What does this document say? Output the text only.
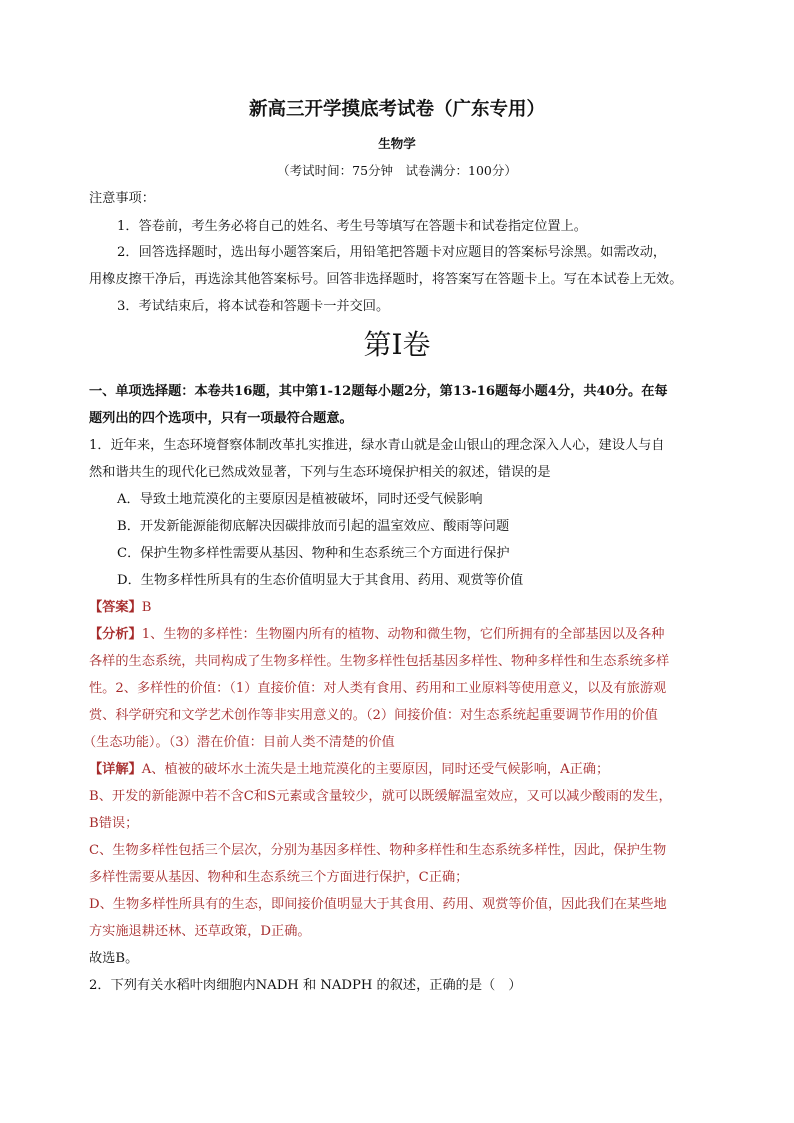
新高三开学摸底考试卷（广东专用）
生物学
（考试时间：75分钟　试卷满分：100分）
注意事项：
1．答卷前，考生务必将自己的姓名、考生号等填写在答题卡和试卷指定位置上。
2．回答选择题时，选出每小题答案后，用铅笔把答题卡对应题目的答案标号涂黑。如需改动，
用橡皮擦干净后，再选涂其他答案标号。回答非选择题时，将答案写在答题卡上。写在本试卷上无效。
3．考试结束后，将本试卷和答题卡一并交回。
第Ⅰ卷
一、单项选择题：本卷共16题，其中第1-12题每小题2分，第13-16题每小题4分，共40分。在每
题列出的四个选项中，只有一项最符合题意。
1．近年来，生态环境督察体制改革扎实推进，绿水青山就是金山银山的理念深入人心，建设人与自
然和谐共生的现代化已然成效显著，下列与生态环境保护相关的叙述，错误的是
A．导致土地荒漠化的主要原因是植被破坏，同时还受气候影响
B．开发新能源能彻底解决因碳排放而引起的温室效应、酸雨等问题
C．保护生物多样性需要从基因、物种和生态系统三个方面进行保护
D．生物多样性所具有的生态价值明显大于其食用、药用、观赏等价值
【答案】B
【分析】1、生物的多样性：生物圈内所有的植物、动物和微生物，它们所拥有的全部基因以及各种
各样的生态系统，共同构成了生物多样性。生物多样性包括基因多样性、物种多样性和生态系统多样
性。2、多样性的价值：（1）直接价值：对人类有食用、药用和工业原料等使用意义，以及有旅游观
赏、科学研究和文学艺术创作等非实用意义的。（2）间接价值：对生态系统起重要调节作用的价值
（生态功能）。（3）潜在价值：目前人类不清楚的价值
【详解】A、植被的破坏水土流失是土地荒漠化的主要原因，同时还受气候影响，A正确；
B、开发的新能源中若不含C和S元素或含量较少，就可以既缓解温室效应，又可以减少酸雨的发生，
B错误；
C、生物多样性包括三个层次，分别为基因多样性、物种多样性和生态系统多样性，因此，保护生物
多样性需要从基因、物种和生态系统三个方面进行保护，C正确；
D、生物多样性所具有的生态，即间接价值明显大于其食用、药用、观赏等价值，因此我们在某些地
方实施退耕还林、还草政策，D正确。
故选B。
2．下列有关水稻叶肉细胞内NADH 和 NADPH 的叙述，正确的是（　）
